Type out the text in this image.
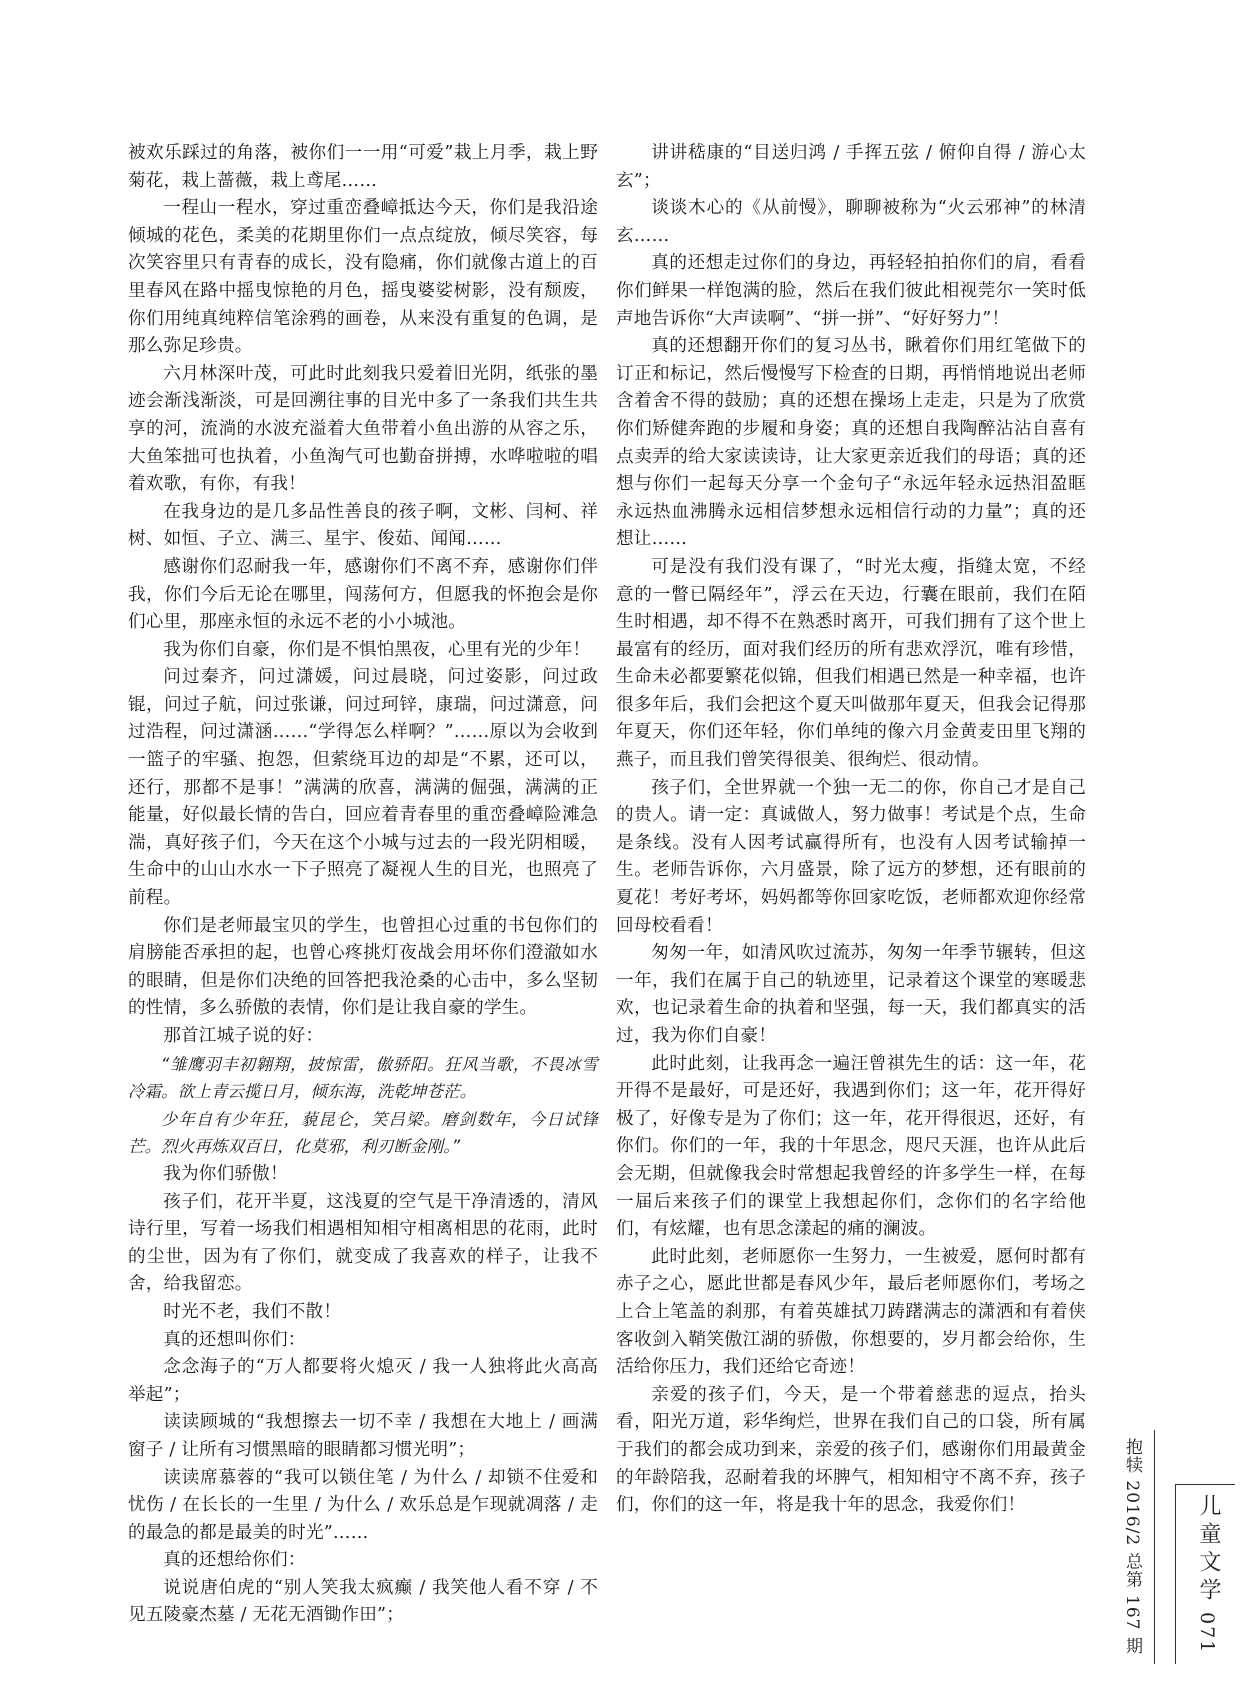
被欢乐踩过的角落，被你们一一用“可爱”栽上月季，栽上野菊花，栽上蔷薇，栽上鸢尾……

一程山一程水，穿过重峦叠嶂抵达今天，你们是我沿途倾城的花色，柔美的花期里你们一点点绽放，倾尽笑容，每次笑容里只有青春的成长，没有隐痛，你们就像古道上的百里春风在路中摇曳惊艳的月色，摇曳婆娑树影，没有颓废，你们用纯真纯粹信笔涂鸦的画卷，从来没有重复的色调，是那么弥足珍贵。

六月林深叶茂，可此时此刻我只爱着旧光阴，纸张的墨迹会渐浅渐淡，可是回溯往事的目光中多了一条我们共生共享的河，流淌的水波充溢着大鱼带着小鱼出游的从容之乐，大鱼笨拙可也执着，小鱼淘气可也勤奋拼搏，水哗啦啦的唱着欢歌，有你，有我！

在我身边的是几多品性善良的孩子啊，文彬、闫柯、祥树、如恒、子立、满三、星宇、俊茹、闻闻……

感谢你们忍耐我一年，感谢你们不离不弃，感谢你们伴我，你们今后无论在哪里，闯荡何方，但愿我的怀抱会是你们心里，那座永恒的永远不老的小小城池。

我为你们自豪，你们是不惧怕黑夜，心里有光的少年！

问过秦齐，问过潇媛，问过晨晓，问过姿影，问过政锟，问过子航，问过张谦，问过珂锌，康瑞，问过潇意，问过浩程，问过潇涵……“学得怎么样啊？”……原以为会收到一篮子的牢骚、抱怨，但萦绕耳边的却是“不累，还可以，还行，那都不是事！”满满的欣喜，满满的倔强，满满的正能量，好似最长情的告白，回应着青春里的重峦叠嶂险滩急湍，真好孩子们，今天在这个小城与过去的一段光阴相暖，生命中的山山水水一下子照亮了凝视人生的目光，也照亮了前程。

你们是老师最宝贝的学生，也曾担心过重的书包你们的肩膀能否承担的起，也曾心疼挑灯夜战会用坏你们澄澈如水的眼睛，但是你们决绝的回答把我沧桑的心击中，多么坚韧的性情，多么骄傲的表情，你们是让我自豪的学生。

那首江城子说的好：

“雏鹰羽丰初翱翔，披惊雷，傲骄阳。狂风当歌，不畏冰雪冷霜。欲上青云揽日月，倾东海，洗乾坤苍茫。

少年自有少年狂，藐昆仑，笑吕梁。磨剑数年，今日试锋芒。烈火再炼双百日，化莫邪，利刃断金刚。”

我为你们骄傲！

孩子们，花开半夏，这浅夏的空气是干净清透的，清风诗行里，写着一场我们相遇相知相守相离相思的花雨，此时的尘世，因为有了你们，就变成了我喜欢的样子，让我不舍，给我留恋。

时光不老，我们不散！

真的还想叫你们：

念念海子的“万人都要将火熄灭 / 我一人独将此火高高举起”；

读读顾城的“我想擦去一切不幸 / 我想在大地上 / 画满窗子 / 让所有习惯黑暗的眼睛都习惯光明”；

读读席慕蓉的“我可以锁住笔 / 为什么 / 却锁不住爱和忧伤 / 在长长的一生里 / 为什么 / 欢乐总是乍现就凋落 / 走的最急的都是最美的时光”……

真的还想给你们：

说说唐伯虎的“别人笑我太疯癫 / 我笑他人看不穿 / 不见五陵豪杰墓 / 无花无酒锄作田”；

讲讲嵇康的“目送归鸿 / 手挥五弦 / 俯仰自得 / 游心太玄”；

谈谈木心的《从前慢》，聊聊被称为“火云邪神”的林清玄……

真的还想走过你们的身边，再轻轻拍拍你们的肩，看看你们鲜果一样饱满的脸，然后在我们彼此相视莞尔一笑时低声地告诉你“大声读啊”、“拼一拼”、“好好努力”！

真的还想翻开你们的复习丛书，瞅着你们用红笔做下的订正和标记，然后慢慢写下检查的日期，再悄悄地说出老师含着舍不得的鼓励；真的还想在操场上走走，只是为了欣赏你们矫健奔跑的步履和身姿；真的还想自我陶醉沾沾自喜有点卖弄的给大家读读诗，让大家更亲近我们的母语；真的还想与你们一起每天分享一个金句子“永远年轻永远热泪盈眶永远热血沸腾永远相信梦想永远相信行动的力量”；真的还想让……

可是没有我们没有课了，“时光太瘦，指缝太宽，不经意的一瞥已隔经年”，浮云在天边，行囊在眼前，我们在陌生时相遇，却不得不在熟悉时离开，可我们拥有了这个世上最富有的经历，面对我们经历的所有悲欢浮沉，唯有珍惜，生命未必都要繁花似锦，但我们相遇已然是一种幸福，也许很多年后，我们会把这个夏天叫做那年夏天，但我会记得那年夏天，你们还年轻，你们单纯的像六月金黄麦田里飞翔的燕子，而且我们曾笑得很美、很绚烂、很动情。

孩子们，全世界就一个独一无二的你，你自己才是自己的贵人。请一定：真诚做人，努力做事！考试是个点，生命是条线。没有人因考试赢得所有，也没有人因考试输掉一生。老师告诉你，六月盛景，除了远方的梦想，还有眼前的夏花！考好考坏，妈妈都等你回家吃饭，老师都欢迎你经常回母校看看！

匆匆一年，如清风吹过流苏，匆匆一年季节辗转，但这一年，我们在属于自己的轨迹里，记录着这个课堂的寒暖悲欢，也记录着生命的执着和坚强，每一天，我们都真实的活过，我为你们自豪！

此时此刻，让我再念一遍汪曾祺先生的话：这一年，花开得不是最好，可是还好，我遇到你们；这一年，花开得好极了，好像专是为了你们；这一年，花开得很迟，还好，有你们。你们的一年，我的十年思念，咫尺天涯，也许从此后会无期，但就像我会时常想起我曾经的许多学生一样，在每一届后来孩子们的课堂上我想起你们，念你们的名字给他们，有炫耀，也有思念漾起的痛的澜波。

此时此刻，老师愿你一生努力，一生被爱，愿何时都有赤子之心，愿此世都是春风少年，最后老师愿你们，考场之上合上笔盖的刹那，有着英雄拭刀踌躇满志的潇洒和有着侠客收剑入鞘笑傲江湖的骄傲，你想要的，岁月都会给你，生活给你压力，我们还给它奇迹！

亲爱的孩子们，今天，是一个带着慈悲的逗点，抬头看，阳光万道，彩华绚烂，世界在我们自己的口袋，所有属于我们的都会成功到来，亲爱的孩子们，感谢你们用最黄金的年龄陪我，忍耐着我的坏脾气，相知相守不离不弃，孩子们，你们的这一年，将是我十年的思念，我爱你们！	抱犊 2016/2 总第 167 期 儿童文学
071
